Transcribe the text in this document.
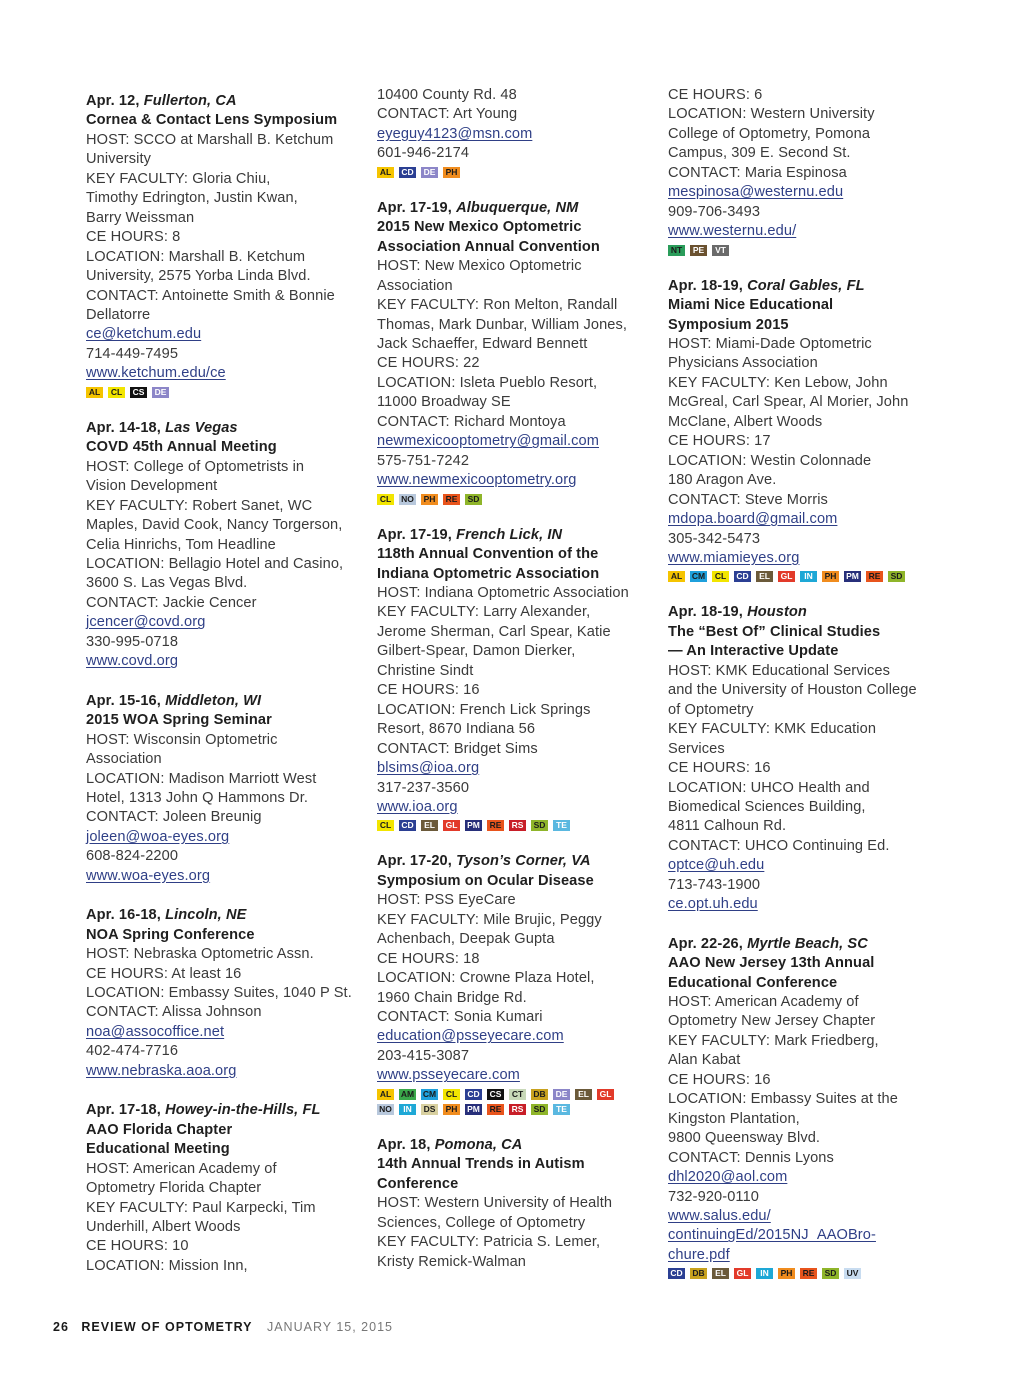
Apr. 12, Fullerton, CA
Cornea & Contact Lens Symposium
HOST: SCCO at Marshall B. Ketchum
University
KEY FACULTY: Gloria Chiu,
Timothy Edrington, Justin Kwan,
Barry Weissman
CE HOURS: 8
LOCATION: Marshall B. Ketchum
University, 2575 Yorba Linda Blvd.
CONTACT: Antoinette Smith & Bonnie
Dellatorre
ce@ketchum.edu
714-449-7495
www.ketchum.edu/ce
AL	CL	CS	DE
Apr. 14-18, Las Vegas
COVD 45th Annual Meeting
HOST: College of Optometrists in
Vision Development
KEY FACULTY: Robert Sanet, WC
Maples, David Cook, Nancy Torgerson,
Celia Hinrichs, Tom Headline
LOCATION: Bellagio Hotel and Casino,
3600 S. Las Vegas Blvd.
CONTACT: Jackie Cencer
jcencer@covd.org
330-995-0718
www.covd.org
Apr. 15-16, Middleton, WI
2015 WOA Spring Seminar
HOST: Wisconsin Optometric
Association
LOCATION: Madison Marriott West
Hotel, 1313 John Q Hammons Dr.
CONTACT: Joleen Breunig
joleen@woa-eyes.org
608-824-2200
www.woa-eyes.org
Apr. 16-18, Lincoln, NE
NOA Spring Conference
HOST: Nebraska Optometric Assn.
CE HOURS: At least 16
LOCATION: Embassy Suites, 1040 P St.
CONTACT: Alissa Johnson
noa@assocoffice.net
402-474-7716
www.nebraska.aoa.org
Apr. 17-18, Howey-in-the-Hills, FL
AAO Florida Chapter
Educational Meeting
HOST: American Academy of
Optometry Florida Chapter
KEY FACULTY: Paul Karpecki, Tim
Underhill, Albert Woods
CE HOURS: 10
LOCATION: Mission Inn,
10400 County Rd. 48
CONTACT: Art Young
eyeguy4123@msn.com
601-946-2174
AL	CD	DE	PH
Apr. 17-19, Albuquerque, NM
2015 New Mexico Optometric
Association Annual Convention
HOST: New Mexico Optometric
Association
KEY FACULTY: Ron Melton, Randall
Thomas, Mark Dunbar, William Jones,
Jack Schaeffer, Edward Bennett
CE HOURS: 22
LOCATION: Isleta Pueblo Resort,
11000 Broadway SE
CONTACT: Richard Montoya
newmexicooptometry@gmail.com
575-751-7242
www.newmexicooptometry.org
CL	NO	PH	RE	SD
Apr. 17-19, French Lick, IN
118th Annual Convention of the
Indiana Optometric Association
HOST: Indiana Optometric Association
KEY FACULTY: Larry Alexander,
Jerome Sherman, Carl Spear, Katie
Gilbert-Spear, Damon Dierker,
Christine Sindt
CE HOURS: 16
LOCATION: French Lick Springs
Resort, 8670 Indiana 56
CONTACT: Bridget Sims
blsims@ioa.org
317-237-3560
www.ioa.org
CL	CD	EL	GL	PM	RE	RS	SD	TE
Apr. 17-20, Tyson’s Corner, VA
Symposium on Ocular Disease
HOST: PSS EyeCare
KEY FACULTY: Mile Brujic, Peggy
Achenbach, Deepak Gupta
CE HOURS: 18
LOCATION: Crowne Plaza Hotel,
1960 Chain Bridge Rd.
CONTACT: Sonia Kumari
education@psseyecare.com
203-415-3087
www.psseyecare.com
AL	AM CM	CL	CD	CS	CT	DB	DE	EL	GL
NO	IN	DS	PH	PM	RE	RS	SD	TE
Apr. 18, Pomona, CA
14th Annual Trends in Autism
Conference
HOST: Western University of Health
Sciences, College of Optometry
KEY FACULTY: Patricia S. Lemer,
Kristy Remick-Walman
CE HOURS: 6
LOCATION: Western University
College of Optometry, Pomona
Campus, 309 E. Second St.
CONTACT: Maria Espinosa
mespinosa@westernu.edu
909-706-3493
www.westernu.edu/
NT	PE	VT
Apr. 18-19, Coral Gables, FL
Miami Nice Educational
Symposium 2015
HOST: Miami-Dade Optometric
Physicians Association
KEY FACULTY: Ken Lebow, John
McGreal, Carl Spear, Al Morier, John
McClane, Albert Woods
CE HOURS: 17
LOCATION: Westin Colonnade
180 Aragon Ave.
CONTACT: Steve Morris
mdopa.board@gmail.com
305-342-5473
www.miamieyes.org
AL	CM	CL	CD	EL	GL	IN	PH	PM	RE	SD
Apr. 18-19, Houston
The “Best Of” Clinical Studies
— An Interactive Update
HOST: KMK Educational Services
and the University of Houston College
of Optometry
KEY FACULTY: KMK Education
Services
CE HOURS: 16
LOCATION: UHCO Health and
Biomedical Sciences Building,
4811 Calhoun Rd.
CONTACT: UHCO Continuing Ed.
optce@uh.edu
713-743-1900
ce.opt.uh.edu
Apr. 22-26, Myrtle Beach, SC
AAO New Jersey 13th Annual
Educational Conference
HOST: American Academy of
Optometry New Jersey Chapter
KEY FACULTY: Mark Friedberg,
Alan Kabat
CE HOURS: 16
LOCATION: Embassy Suites at the
Kingston Plantation,
9800 Queensway Blvd.
CONTACT: Dennis Lyons
dhl2020@aol.com
732-920-0110
www.salus.edu/
continuingEd/2015NJ_AAOBro-
chure.pdf
CD DB	EL	GL	IN	PH	RE	SD	UV
26 REVIEW OF OPTOMETRY JANUARY 15, 2015
